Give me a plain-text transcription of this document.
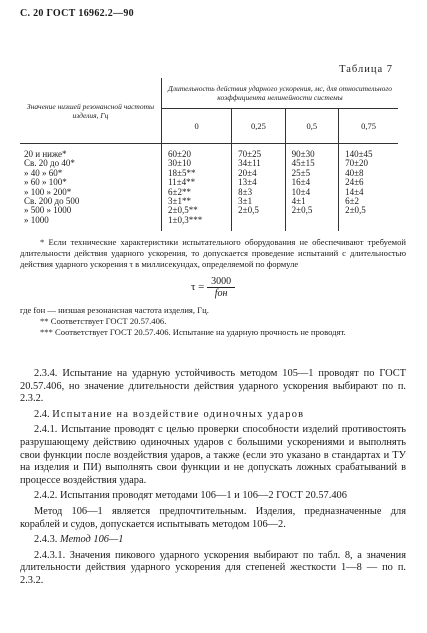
С. 20 ГОСТ 16962.2—90
Таблица 7
Значение низшей резонансной частоты изделия, Гц	Длительность действия ударного ускорения, мс, для относительного коэффициента нелинейности системы			
	0	0,25	0,5	0,75
20 и ниже*	60±20	70±25	90±30	140±45
Св. 20 до 40*	30±10	34±11	45±15	70±20
» 40 » 60*	18±5**	20±4	25±5	40±8
» 60 » 100*	11±4**	13±4	16±4	24±6
» 100 » 200*	6±2**	8±3	10±4	14±4
Св. 200 до 500	3±1**	3±1	4±1	6±2
» 500 » 1000	2±0,5**	2±0,5	2±0,5	2±0,5
» 1000	1±0,3***			

* Если технические характеристики испытательного оборудования не обеспечивают требуемой длительности действия ударного ускорения, то допускается проведение испытаний с длительностью действия ударного ускорения τ в миллисекундах, определяемой по формуле

$\tau = \frac{3000}{\text{fон}}$

где fон — низшая резонансная частота изделия, Гц.

** Соответствует ГОСТ 20.57.406.

*** Соответствует ГОСТ 20.57.406. Испытание на ударную прочность не проводят.

2.3.4. Испытание на ударную устойчивость методом 105—1 проводят по ГОСТ 20.57.406, но значение длительности действия ударного ускорения выбирают по п. 2.3.2.

2.4. Испытание на воздействие одиночных ударов

2.4.1. Испытание проводят с целью проверки способности изделий противостоять разрушающему действию одиночных ударов с большими ускорениями и выполнять свои функции после воздействия ударов, а также (если это указано в стандартах и ТУ на изделия и ПИ) выполнять свои функции и не допускать ложных срабатываний в процессе воздействия удара.

2.4.2. Испытания проводят методами 106—1 и 106—2 ГОСТ 20.57.406

Метод 106—1 является предпочтительным. Изделия, предназначенные для кораблей и судов, допускается испытывать методом 106—2.

2.4.3. Метод 106—1

2.4.3.1. Значения пикового ударного ускорения выбирают по табл. 8, а значения длительности действия ударного ускорения для степеней жесткости 1—8 — по п. 2.3.2.
